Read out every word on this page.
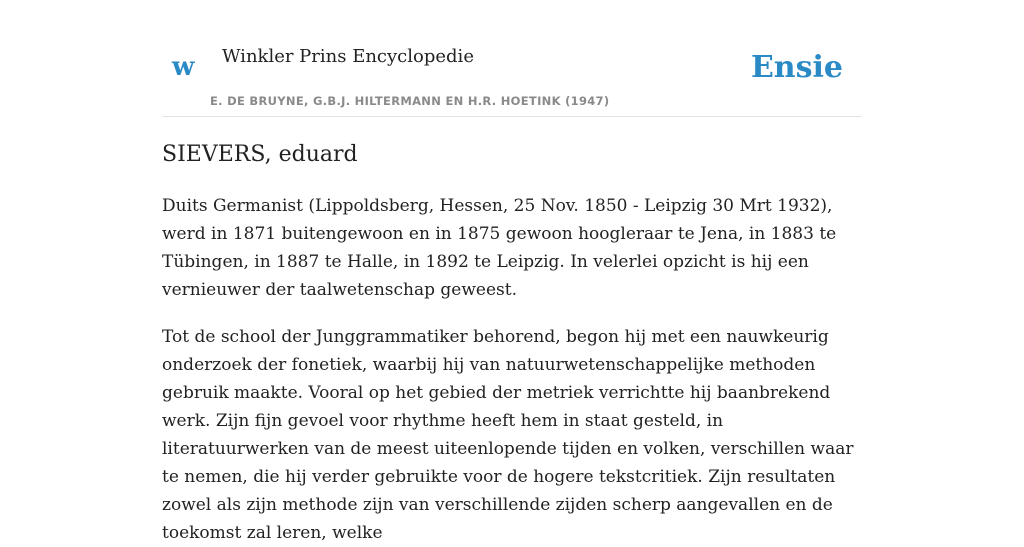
w Winkler Prins Encyclopedie
E. DE BRUYNE, G.B.J. HILTERMANN EN H.R. HOETINK (1947)
Ensie
SIEVERS, eduard

Duits Germanist (Lippoldsberg, Hessen, 25 Nov. 1850 - Leipzig 30 Mrt 1932), werd in 1871 buitengewoon en in 1875 gewoon hoogleraar te Jena, in 1883 te Tübingen, in 1887 te Halle, in 1892 te Leipzig. In velerlei opzicht is hij een vernieuwer der taalwetenschap geweest.

Tot de school der Junggrammatiker behorend, begon hij met een nauwkeurig onderzoek der fonetiek, waarbij hij van natuurwetenschappelijke methoden gebruik maakte. Vooral op het gebied der metriek verrichtte hij baanbrekend werk. Zijn fijn gevoel voor rhythme heeft hem in staat gesteld, in literatuurwerken van de meest uiteenlopende tijden en volken, verschillen waar te nemen, die hij verder gebruikte voor de hogere tekstcritiek. Zijn resultaten zowel als zijn methode zijn van verschillende zijden scherp aangevallen en de toekomst zal leren, welke
